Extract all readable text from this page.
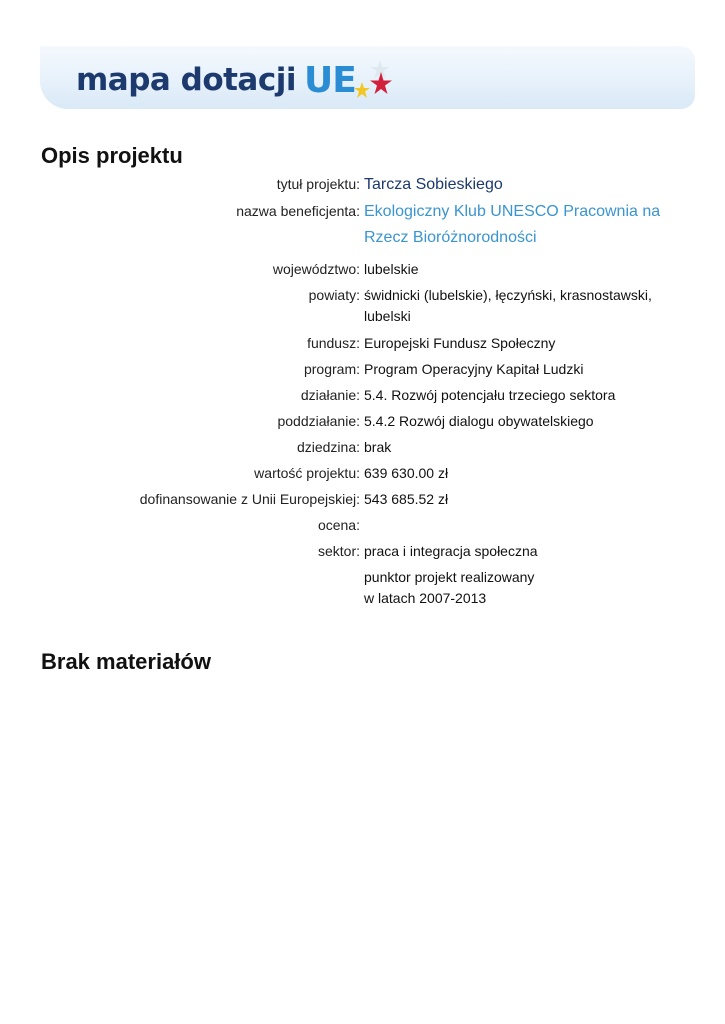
mapa dotacji UE
Opis projektu
tytuł projektu: Tarcza Sobieskiego
nazwa beneficjenta: Ekologiczny Klub UNESCO Pracownia na Rzecz Bioróżnorodności
województwo: lubelskie
powiaty: świdnicki (lubelskie), łęczyński, krasnostawski, lubelski
fundusz: Europejski Fundusz Społeczny
program: Program Operacyjny Kapitał Ludzki
działanie: 5.4. Rozwój potencjału trzeciego sektora
poddziałanie: 5.4.2 Rozwój dialogu obywatelskiego
dziedzina: brak
wartość projektu: 639 630.00 zł
dofinansowanie z Unii Europejskiej: 543 685.52 zł
ocena:
sektor: praca i integracja społeczna
punktor projekt realizowany w latach 2007-2013
Brak materiałów
